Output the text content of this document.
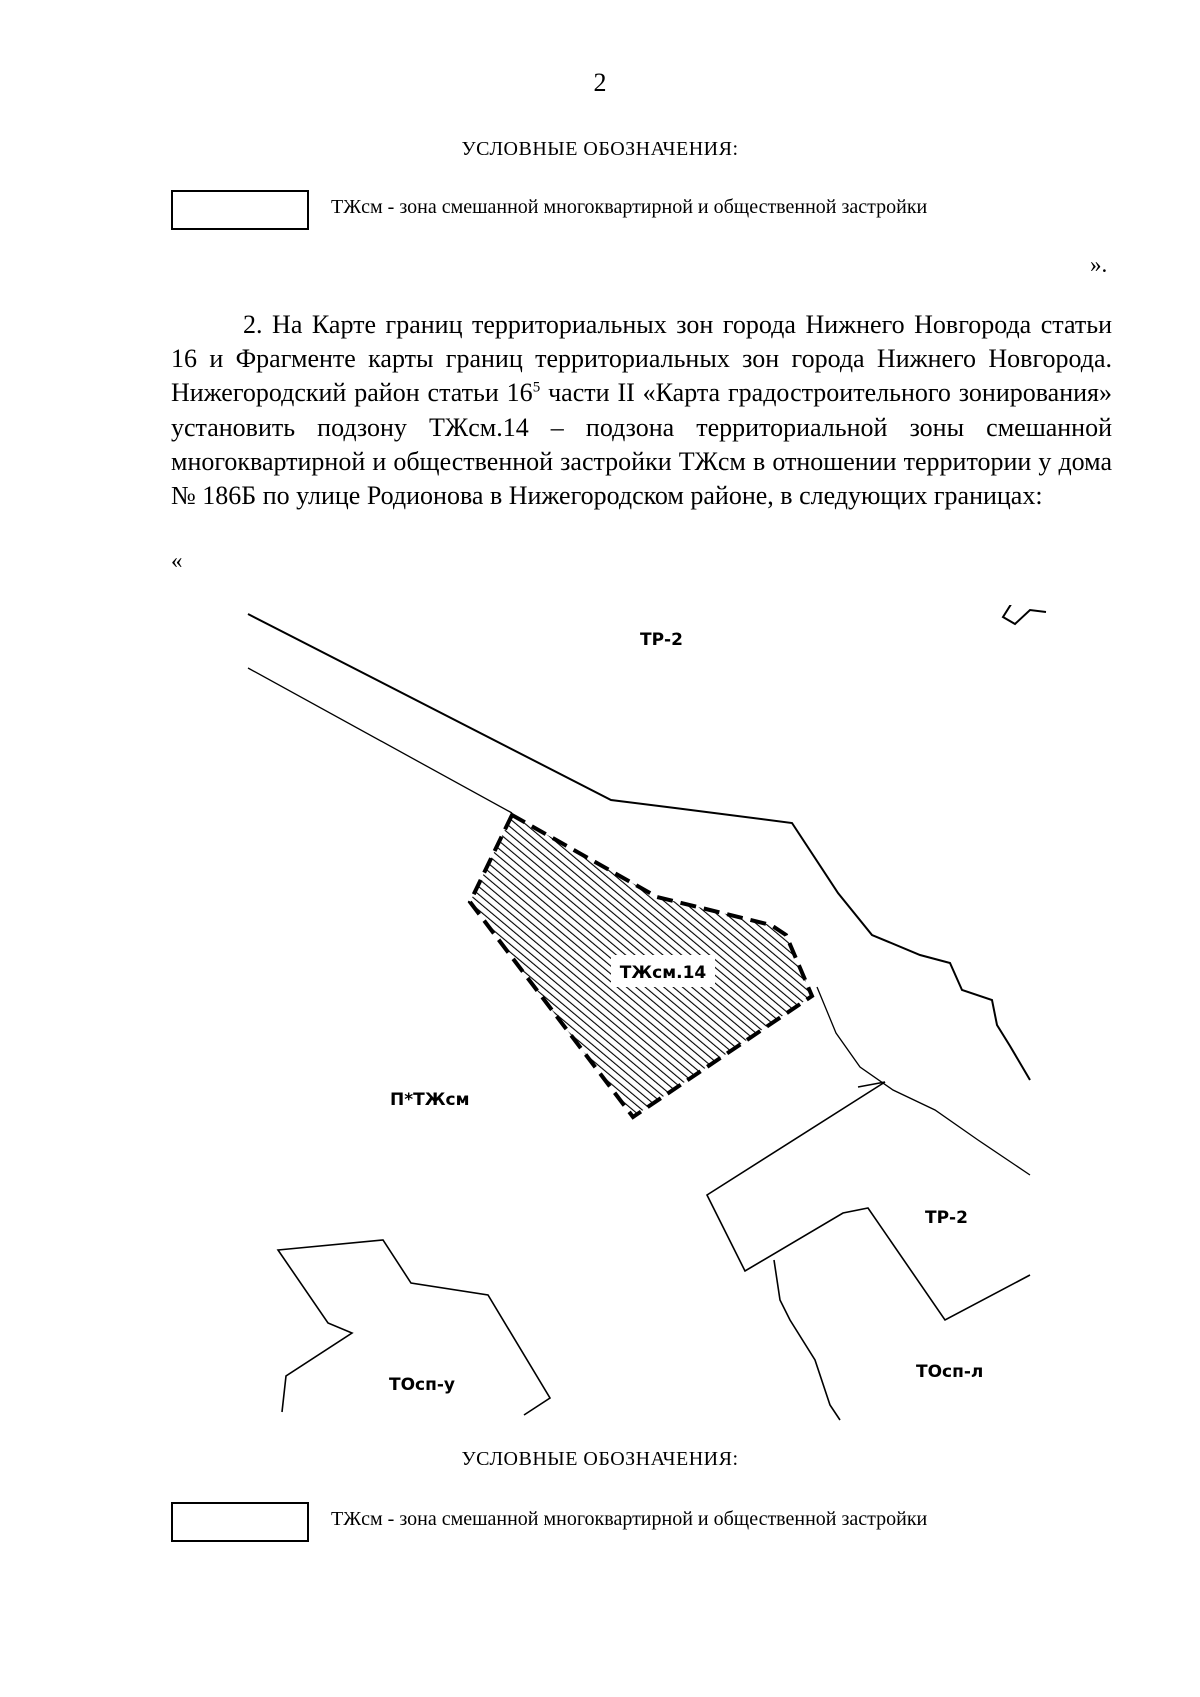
2
УСЛОВНЫЕ ОБОЗНАЧЕНИЯ:
ТЖсм - зона смешанной многоквартирной и общественной застройки
».

2. На Карте границ территориальных зон города Нижнего Новгорода статьи 16 и Фрагменте карты границ территориальных зон города Нижнего Новгорода. Нижегородский район статьи $16^5$ части II «Карта градостроительного зонирования» установить подзону ТЖсм.14 – подзона территориальной зоны смешанной многоквартирной и общественной застройки ТЖсм в отношении территории у дома № 186Б по улице Родионова в Нижегородском районе, в следующих границах:

«
ТР-2
ТЖсм.14
П*ТЖсм
ТР-2
ТОсп-у
ТОсп-л
УСЛОВНЫЕ ОБОЗНАЧЕНИЯ:
ТЖсм - зона смешанной многоквартирной и общественной застройки
